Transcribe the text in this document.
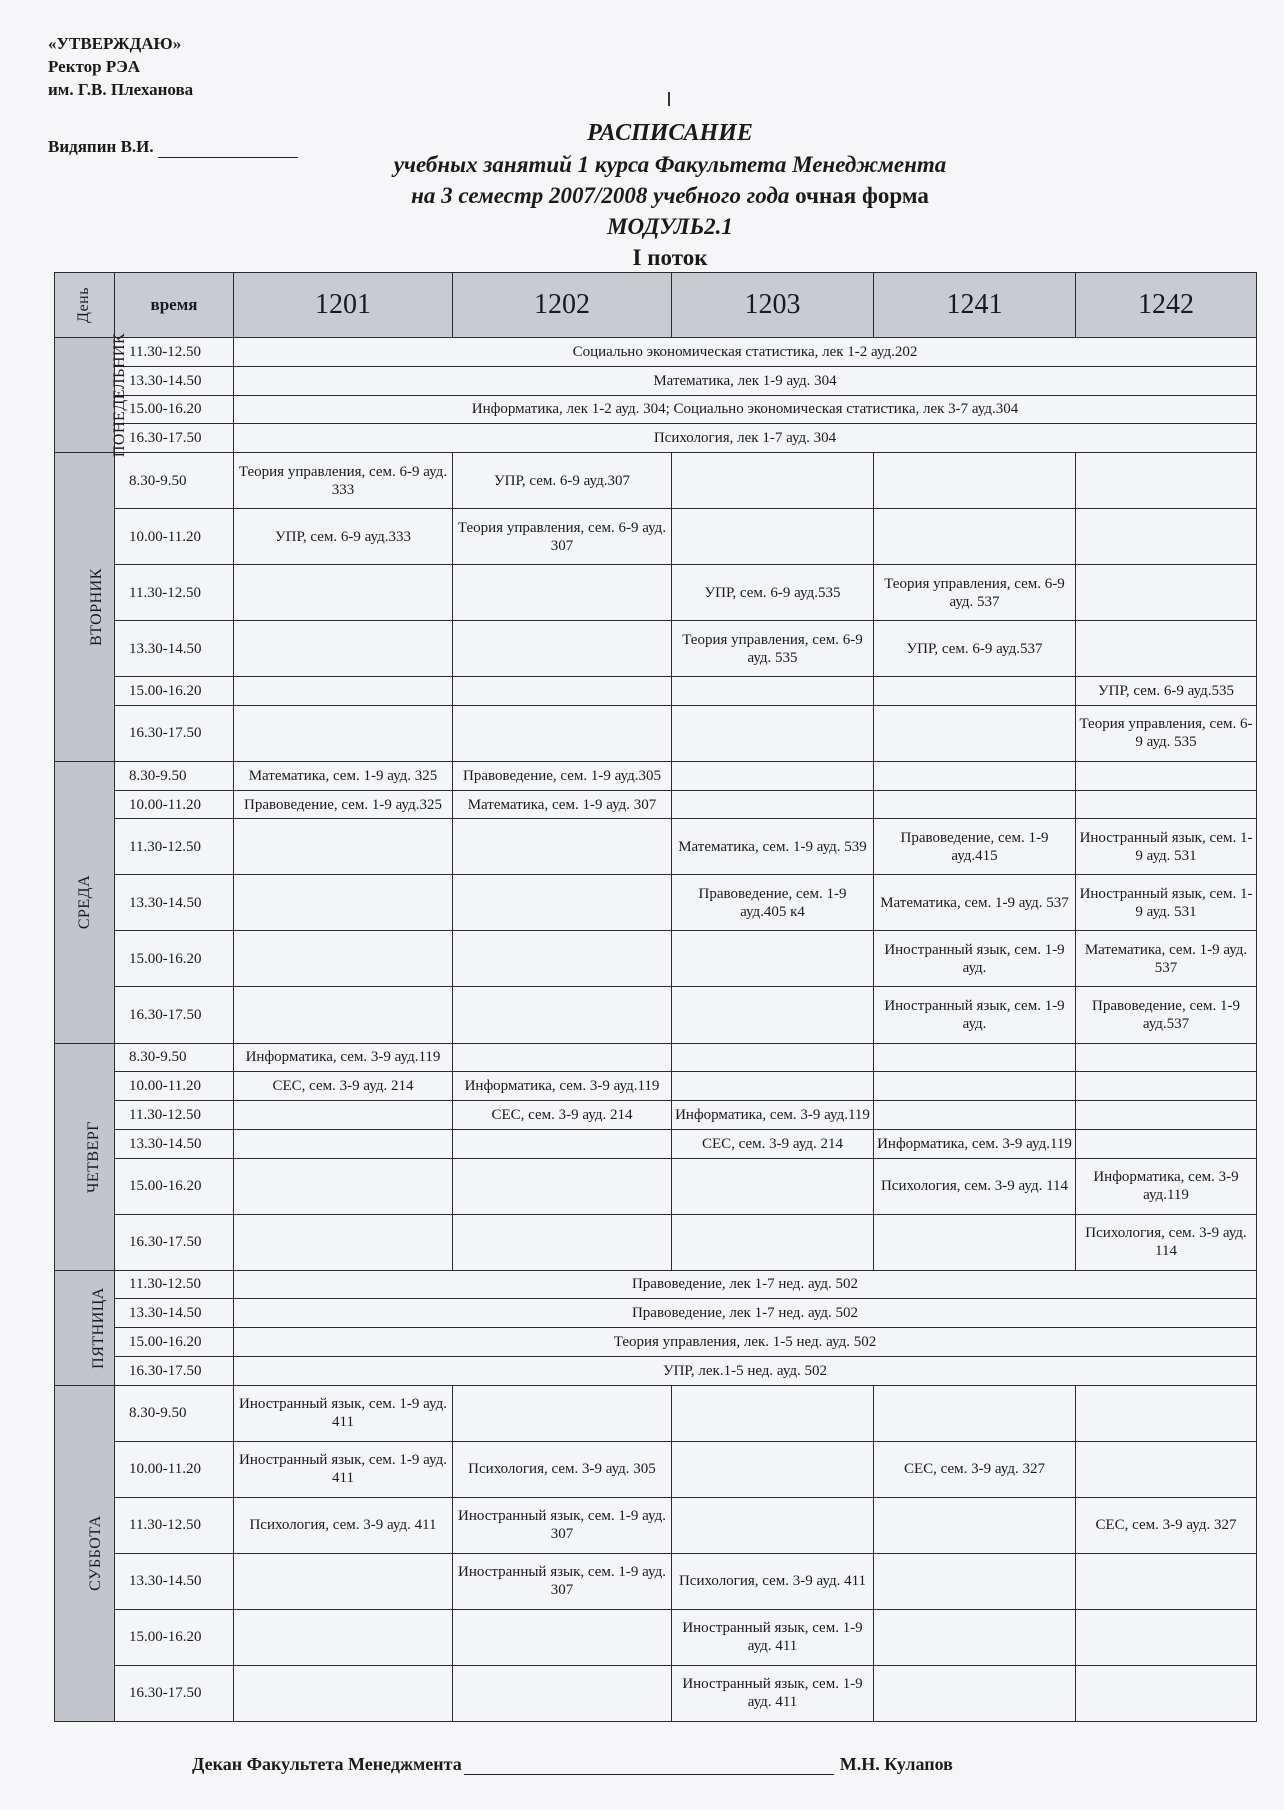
«УТВЕРЖДАЮ»
Ректор РЭА
им. Г.В. Плеханова
Видяпин В.И.
РАСПИСАНИЕ
учебных занятий 1 курса Факультета Менеджмента
на 3 семестр 2007/2008 учебного года очная форма
МОДУЛЬ2.1
I поток
День	время	1201	1202	1203	1241	1242
ПОНЕДЕЛЬНИК	11.30-12.50	Социально экономическая статистика, лек 1-2 ауд.202				
	13.30-14.50	Математика, лек 1-9 ауд. 304				
	15.00-16.20	Информатика, лек 1-2 ауд. 304; Социально экономическая статистика, лек 3-7 ауд.304				
	16.30-17.50	Психология, лек 1-7 ауд. 304				
ВТОРНИК	8.30-9.50	Теория управления, сем. 6-9 ауд. 333	УПР, сем. 6-9 ауд.307			
	10.00-11.20	УПР, сем. 6-9 ауд.333	Теория управления, сем. 6-9 ауд. 307			
	11.30-12.50			УПР, сем. 6-9 ауд.535	Теория управления, сем. 6-9 ауд. 537	
	13.30-14.50			Теория управления, сем. 6-9 ауд. 535	УПР, сем. 6-9 ауд.537	
	15.00-16.20					УПР, сем. 6-9 ауд.535
	16.30-17.50					Теория управления, сем. 6-9 ауд. 535
СРЕДА	8.30-9.50	Математика, сем. 1-9 ауд. 325	Правоведение, сем. 1-9 ауд.305			
	10.00-11.20	Правоведение, сем. 1-9 ауд.325	Математика, сем. 1-9 ауд. 307			
	11.30-12.50			Математика, сем. 1-9 ауд. 539	Правоведение, сем. 1-9 ауд.415	Иностранный язык, сем. 1-9 ауд. 531
	13.30-14.50			Правоведение, сем. 1-9 ауд.405 к4	Математика, сем. 1-9 ауд. 537	Иностранный язык, сем. 1-9 ауд. 531
	15.00-16.20				Иностранный язык, сем. 1-9 ауд.	Математика, сем. 1-9 ауд. 537
	16.30-17.50				Иностранный язык, сем. 1-9 ауд.	Правоведение, сем. 1-9 ауд.537
ЧЕТВЕРГ	8.30-9.50	Информатика, сем. 3-9 ауд.119				
	10.00-11.20	СЕС, сем. 3-9 ауд. 214	Информатика, сем. 3-9 ауд.119			
	11.30-12.50		СЕС, сем. 3-9 ауд. 214	Информатика, сем. 3-9 ауд.119		
	13.30-14.50			СЕС, сем. 3-9 ауд. 214	Информатика, сем. 3-9 ауд.119	
	15.00-16.20				Психология, сем. 3-9 ауд. 114	Информатика, сем. 3-9 ауд.119
	16.30-17.50					Психология, сем. 3-9 ауд. 114
ПЯТНИЦА	11.30-12.50	Правоведение, лек 1-7 нед. ауд. 502				
	13.30-14.50	Правоведение, лек 1-7 нед. ауд. 502				
	15.00-16.20	Теория управления, лек. 1-5 нед. ауд. 502				
	16.30-17.50	УПР, лек.1-5 нед. ауд. 502				
СУББОТА	8.30-9.50	Иностранный язык, сем. 1-9 ауд. 411				
	10.00-11.20	Иностранный язык, сем. 1-9 ауд. 411	Психология, сем. 3-9 ауд. 305		СЕС, сем. 3-9 ауд. 327	
	11.30-12.50	Психология, сем. 3-9 ауд. 411	Иностранный язык, сем. 1-9 ауд. 307			СЕС, сем. 3-9 ауд. 327
	13.30-14.50		Иностранный язык, сем. 1-9 ауд. 307	Психология, сем. 3-9 ауд. 411		
	15.00-16.20			Иностранный язык, сем. 1-9 ауд. 411		
	16.30-17.50			Иностранный язык, сем. 1-9 ауд. 411		
Декан Факультета Менеджмента	М.Н. Кулапов
